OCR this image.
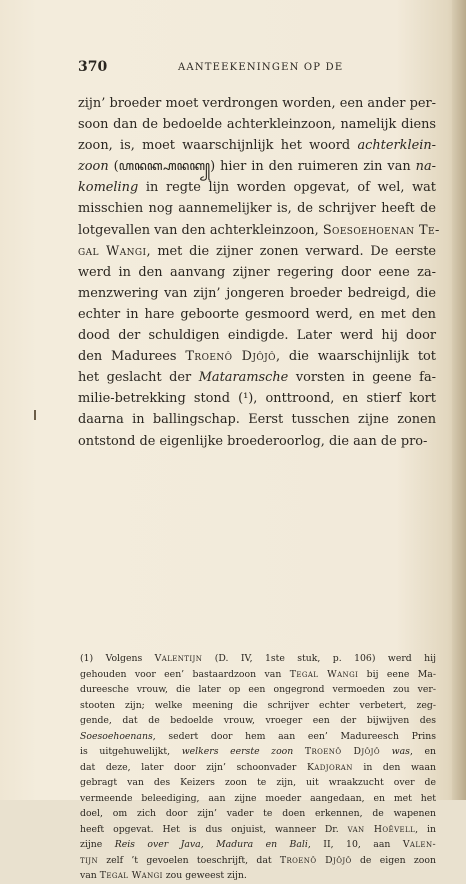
370	AANTEEKENINGEN OP DE
zijn’ broeder moet verdrongen worden, een ander per-
soon dan de bedoelde achterkleinzoon, namelijk diens
zoon, is, moet waarschijnlijk het woord achterklein-
zoon (ꦲꦤꦏ꧀ꦲꦤꦏ꧀) hier in den ruimeren zin van na-
komeling in regte lijn worden opgevat, of wel, wat
misschien nog aannemelijker is, de schrijver heeft de
lotgevallen van den achterkleinzoon, Soesoehoenan Te-
gal Wangi, met die zijner zonen verward. De eerste
werd in den aanvang zijner regering door eene za-
menzwering van zijn’ jongeren broeder bedreigd, die
echter in hare geboorte gesmoord werd, en met den
dood der schuldigen eindigde. Later werd hij door
den Madurees Troenô Djôjô, die waarschijnlijk tot
het geslacht der Mataramsche vorsten in geene fa-
milie-betrekking stond (¹), onttroond, en stierf kort
daarna in ballingschap. Eerst tusschen zijne zonen
ontstond de eigenlijke broederoorlog, die aan de pro-
(1) Volgens Valentijn (D. IV, 1ste stuk, p. 106) werd hij
gehouden voor een’ bastaardzoon van Tegal Wangi bij eene Ma-
dureesche vrouw, die later op een ongegrond vermoeden zou ver-
stooten zijn; welke meening die schrijver echter verbetert, zeg-
gende, dat de bedoelde vrouw, vroeger een der bijwijven des
Soesoehoenans, sedert door hem aan een’ Madureesch Prins
is uitgehuwelijkt, welkers eerste zoon Troenô Djôjô was, en
dat deze, later door zijn’ schoonvader Kadjoran in den waan
gebragt van des Keizers zoon te zijn, uit wraakzucht over de
vermeende beleediging, aan zijne moeder aangedaan, en met het
doel, om zich door zijn’ vader te doen erkennen, de wapenen
heeft opgevat. Het is dus onjuist, wanneer Dr. van Hoëvell, in
zijne Reis over Java, Madura en Bali, II, 10, aan Valen-
tijn zelf ’t gevoelen toeschrijft, dat Troenô Djôjô de eigen zoon
van Tegal Wangi zou geweest zijn.
